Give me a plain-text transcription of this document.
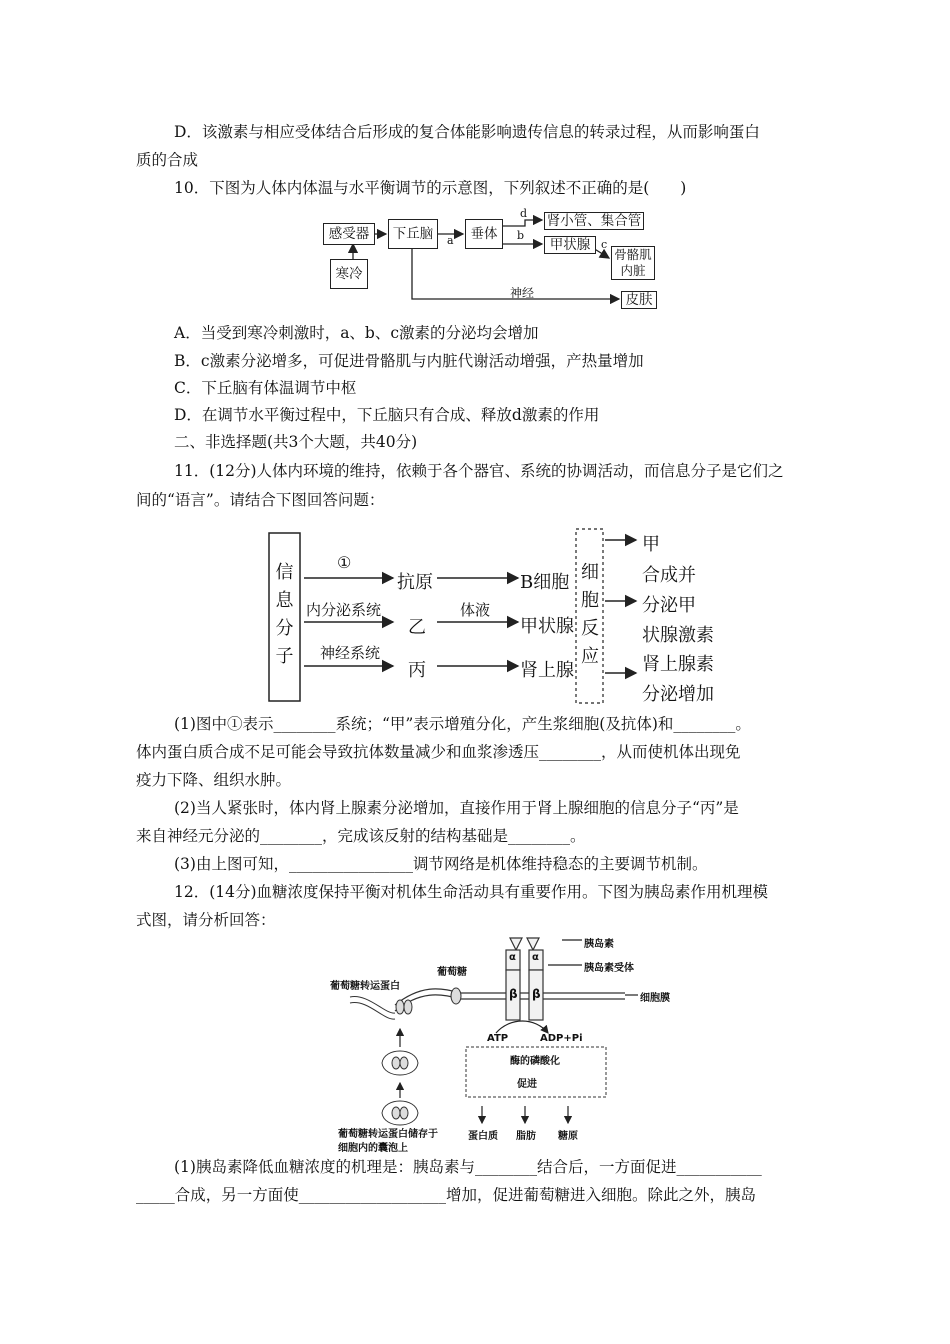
D．该激素与相应受体结合后形成的复合体能影响遗传信息的转录过程，从而影响蛋白
质的合成
10．下图为人体内体温与水平衡调节的示意图，下列叙述不正确的是(　　)
感受器
寒冷
下丘脑	垂体
肾小管、集合管
甲状腺
骨骼肌
内脏
皮肤
神经
a
d
b
c
A．当受到寒冷刺激时，a、b、c激素的分泌均会增加
B．c激素分泌增多，可促进骨骼肌与内脏代谢活动增强，产热量增加
C．下丘脑有体温调节中枢
D．在调节水平衡过程中，下丘脑只有合成、释放d激素的作用
二、非选择题(共3个大题，共40分)
11．(12分)人体内环境的维持，依赖于各个器官、系统的协调活动，而信息分子是它们之
间的“语言”。请结合下图回答问题：
信
息
分
子
①
抗原	B细胞
内分泌系统
乙
体液
甲状腺
神经系统
丙	肾上腺
细
胞
反
应
甲
合成并
分泌甲
状腺激素
肾上腺素
分泌增加
(1)图中①表示________系统；“甲”表示增殖分化，产生浆细胞(及抗体)和________。
体内蛋白质合成不足可能会导致抗体数量减少和血浆渗透压________，从而使机体出现免
疫力下降、组织水肿。
(2)当人紧张时，体内肾上腺素分泌增加，直接作用于肾上腺细胞的信息分子“丙”是
来自神经元分泌的________，完成该反射的结构基础是________。
(3)由上图可知，________________调节网络是机体维持稳态的主要调节机制。
12．(14分)血糖浓度保持平衡对机体生命活动具有重要作用。下图为胰岛素作用机理模
式图，请分析回答：
α α
β β
胰岛素
胰岛素受体
细胞膜
葡萄糖
葡萄糖转运蛋白
ATP	ADP+Pi
酶的磷酸化
促进
蛋白质 脂肪 糖原
葡萄糖转运蛋白储存于
细胞内的囊泡上
(1)胰岛素降低血糖浓度的机理是：胰岛素与________结合后，一方面促进___________
_____合成，另一方面使___________________增加，促进葡萄糖进入细胞。除此之外，胰岛
